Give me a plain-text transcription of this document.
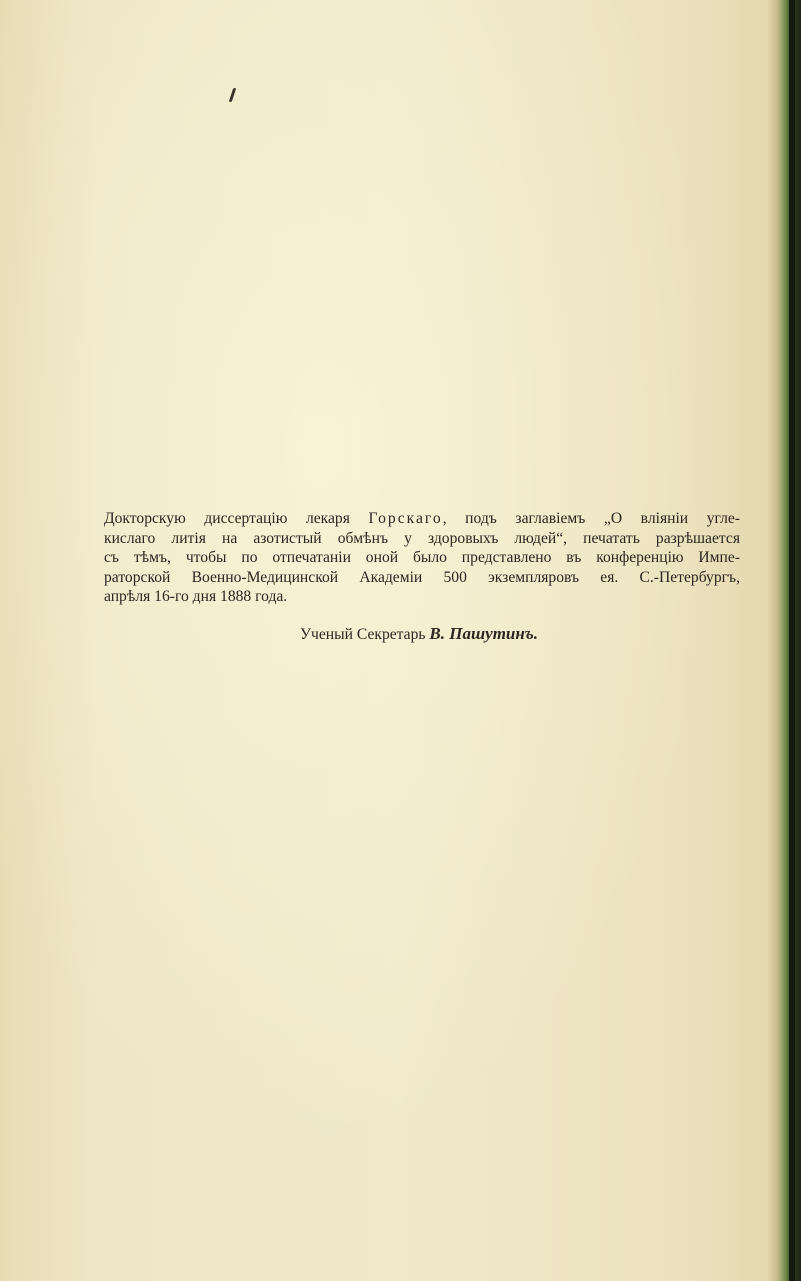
Докторскую диссертацію лекаря Горскаго, подъ заглавіемъ „О вліяніи угле-
кислаго литія на азотистый обмѣнъ у здоровыхъ людей“, печатать разрѣшается
съ тѣмъ, чтобы по отпечатаніи оной было представлено въ конференцію Импе-
раторской Военно-Медицинской Академіи 500 экземпляровъ ея. С.-Петербургъ,
апрѣля 16-го дня 1888 года.
Ученый Секретарь В. Пашутинъ.
